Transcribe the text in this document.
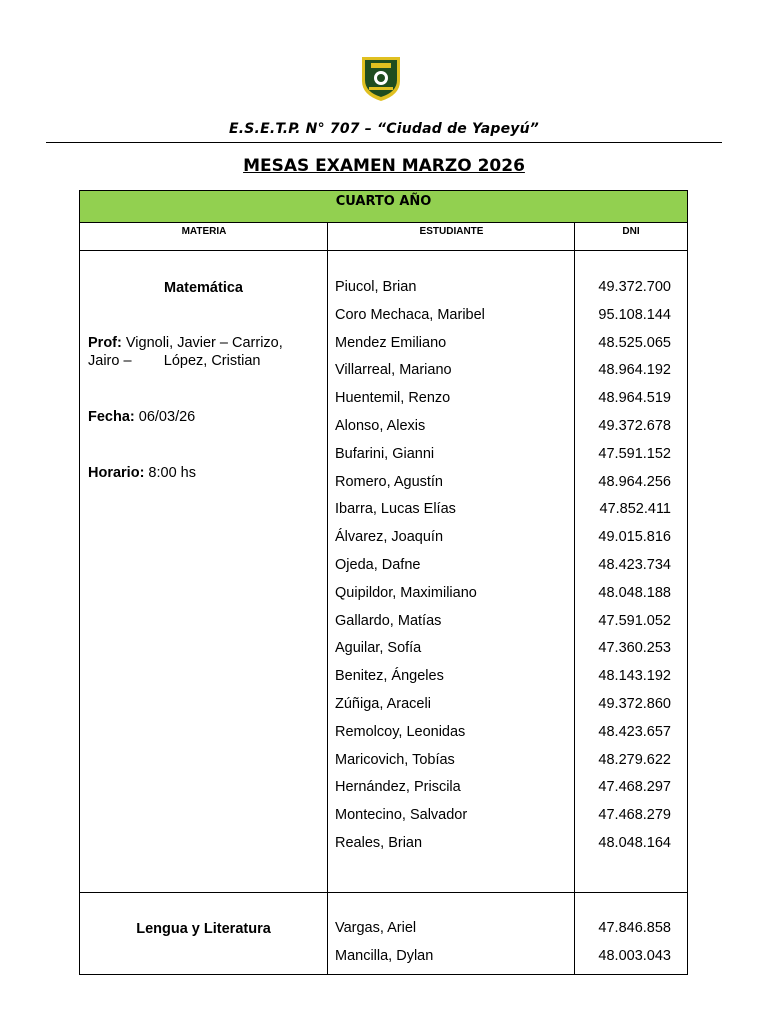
E.S.E.T.P. N° 707 – “Ciudad de Yapeyú”
MESAS EXAMEN MARZO 2026
CUARTO AÑO
MATERIA	ESTUDIANTE	DNI
Matemática
Prof: Vignoli, Javier – Carrizo,
Jairo –        López, Cristian
Fecha: 06/03/26
Horario: 8:00 hs
Piucol, Brian	49.372.700
Coro Mechaca, Maribel	95.108.144
Mendez Emiliano	48.525.065
Villarreal, Mariano	48.964.192
Huentemil, Renzo	48.964.519
Alonso, Alexis	49.372.678
Bufarini, Gianni	47.591.152
Romero, Agustín	48.964.256
Ibarra, Lucas Elías	47.852.411
Álvarez, Joaquín	49.015.816
Ojeda, Dafne	48.423.734
Quipildor, Maximiliano	48.048.188
Gallardo, Matías	47.591.052
Aguilar, Sofía	47.360.253
Benitez, Ángeles	48.143.192
Zúñiga, Araceli	49.372.860
Remolcoy, Leonidas	48.423.657
Maricovich, Tobías	48.279.622
Hernández, Priscila	47.468.297
Montecino, Salvador	47.468.279
Reales, Brian	48.048.164
Lengua y Literatura	Vargas, Ariel	47.846.858
Mancilla, Dylan	48.003.043
